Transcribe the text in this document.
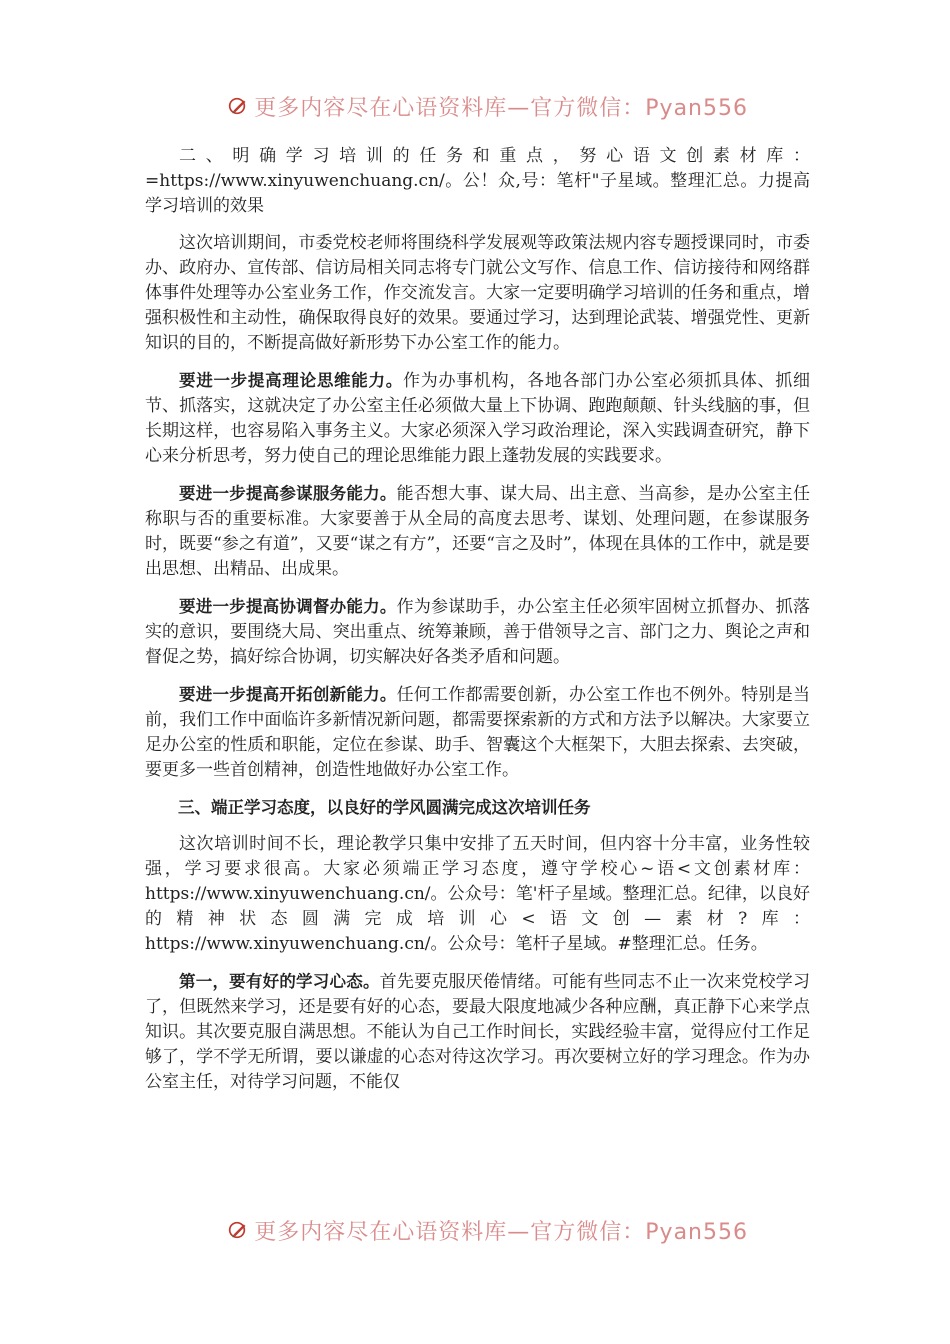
更多内容尽在心语资料库—官方微信：Pyan556

二、明确学习培训的任务和重点，努心语文创素材库：=https://www.xinyuwenchuang.cn/。公！众,号：笔杆"子星域。整理汇总。力提高学习培训的效果

这次培训期间，市委党校老师将围绕科学发展观等政策法规内容专题授课同时，市委办、政府办、宣传部、信访局相关同志将专门就公文写作、信息工作、信访接待和网络群体事件处理等办公室业务工作，作交流发言。大家一定要明确学习培训的任务和重点，增强积极性和主动性，确保取得良好的效果。要通过学习，达到理论武装、增强党性、更新知识的目的，不断提高做好新形势下办公室工作的能力。

要进一步提高理论思维能力。作为办事机构，各地各部门办公室必须抓具体、抓细节、抓落实，这就决定了办公室主任必须做大量上下协调、跑跑颠颠、针头线脑的事，但长期这样，也容易陷入事务主义。大家必须深入学习政治理论，深入实践调查研究，静下心来分析思考，努力使自己的理论思维能力跟上蓬勃发展的实践要求。

要进一步提高参谋服务能力。能否想大事、谋大局、出主意、当高参，是办公室主任称职与否的重要标准。大家要善于从全局的高度去思考、谋划、处理问题，在参谋服务时，既要“参之有道”，又要“谋之有方”，还要“言之及时”，体现在具体的工作中，就是要出思想、出精品、出成果。

要进一步提高协调督办能力。作为参谋助手，办公室主任必须牢固树立抓督办、抓落实的意识，要围绕大局、突出重点、统筹兼顾，善于借领导之言、部门之力、舆论之声和督促之势，搞好综合协调，切实解决好各类矛盾和问题。

要进一步提高开拓创新能力。任何工作都需要创新，办公室工作也不例外。特别是当前，我们工作中面临许多新情况新问题，都需要探索新的方式和方法予以解决。大家要立足办公室的性质和职能，定位在参谋、助手、智囊这个大框架下，大胆去探索、去突破，要更多一些首创精神，创造性地做好办公室工作。

三、端正学习态度，以良好的学风圆满完成这次培训任务

这次培训时间不长，理论教学只集中安排了五天时间，但内容十分丰富，业务性较强，学习要求很高。大家必须端正学习态度，遵守学校心~语<文创素材库：https://www.xinyuwenchuang.cn/。公众号：笔'杆子星域。整理汇总。纪律，以良好的精神状态圆满完成培训心<语文创—素材?库：https://www.xinyuwenchuang.cn/。公众号：笔杆子星域。#整理汇总。任务。

第一，要有好的学习心态。首先要克服厌倦情绪。可能有些同志不止一次来党校学习了，但既然来学习，还是要有好的心态，要最大限度地减少各种应酬，真正静下心来学点知识。其次要克服自满思想。不能认为自己工作时间长，实践经验丰富，觉得应付工作足够了，学不学无所谓，要以谦虚的心态对待这次学习。再次要树立好的学习理念。作为办公室主任，对待学习问题，不能仅

更多内容尽在心语资料库—官方微信：Pyan556
